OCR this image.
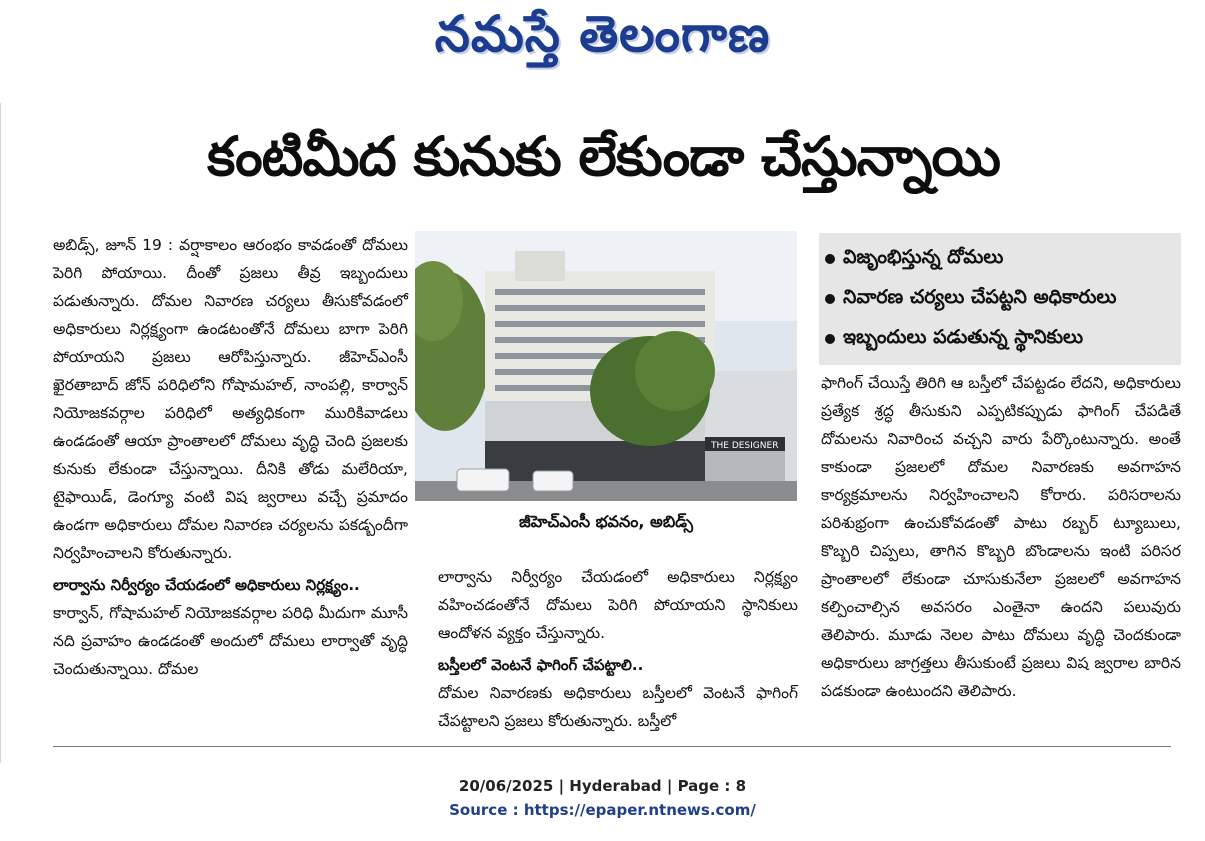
నమస్తే తెలంగాణ
కంటిమీద కునుకు లేకుండా చేస్తున్నాయి

అబిడ్స్, జూన్ 19 : వర్షాకాలం ఆరంభం కావడంతో దోమలు పెరిగి పోయాయి. దీంతో ప్రజలు తీవ్ర ఇబ్బందులు పడుతున్నారు. దోమల నివారణ చర్యలు తీసుకోవడంలో అధికారులు నిర్లక్ష్యంగా ఉండటంతోనే దోమలు బాగా పెరిగి పోయాయని ప్రజలు ఆరోపిస్తున్నారు. జీహెచ్ఎంసీ ఖైరతాబాద్ జోన్ పరిధిలోని గోషామహల్, నాంపల్లి, కార్వాన్ నియోజకవర్గాల పరిధిలో అత్యధికంగా మురికివాడలు ఉండడంతో ఆయా ప్రాంతాలలో దోమలు వృద్ధి చెంది ప్రజలకు కునుకు లేకుండా చేస్తున్నాయి. దీనికి తోడు మలేరియా, టైఫాయిడ్, డెంగ్యూ వంటి విష జ్వరాలు వచ్చే ప్రమాదం ఉండగా అధికారులు దోమల నివారణ చర్యలను పకడ్బందీగా నిర్వహించాలని కోరుతున్నారు.

లార్వాను నిర్వీర్యం చేయడంలో అధికారులు నిర్లక్ష్యం..

కార్వాన్, గోషామహల్ నియోజకవర్గాల పరిధి మీదుగా మూసీ నది ప్రవాహం ఉండడంతో అందులో దోమలు లార్వాతో వృద్ధి చెందుతున్నాయి. దోమల

THE DESIGNER
జీహెచ్ఎంసీ భవనం, అబిడ్స్

లార్వాను నిర్వీర్యం చేయడంలో అధికారులు నిర్లక్ష్యం వహించడంతోనే దోమలు పెరిగి పోయాయని స్థానికులు ఆందోళన వ్యక్తం చేస్తున్నారు.

బస్తీలలో వెంటనే ఫాగింగ్ చేపట్టాలి..

దోమల నివారణకు అధికారులు బస్తీలలో వెంటనే ఫాగింగ్ చేపట్టాలని ప్రజలు కోరుతున్నారు. బస్తీలో

విజృంభిస్తున్న దోమలు
నివారణ చర్యలు చేపట్టని అధికారులు
ఇబ్బందులు పడుతున్న స్థానికులు

ఫాగింగ్ చేయిస్తే తిరిగి ఆ బస్తీలో చేపట్టడం లేదని, అధికారులు ప్రత్యేక శ్రద్ధ తీసుకుని ఎప్పటికప్పుడు ఫాగింగ్ చేపడితే దోమలను నివారించ వచ్చని వారు పేర్కొంటున్నారు. అంతే కాకుండా ప్రజలలో దోమల నివారణకు అవగాహన కార్యక్రమాలను నిర్వహించాలని కోరారు. పరిసరాలను పరిశుభ్రంగా ఉంచుకోవడంతో పాటు రబ్బర్ ట్యూబులు, కొబ్బరి చిప్పలు, తాగిన కొబ్బరి బొండాలను ఇంటి పరిసర ప్రాంతాలలో లేకుండా చూసుకునేలా ప్రజలలో అవగాహన కల్పించాల్సిన అవసరం ఎంతైనా ఉందని పలువురు తెలిపారు. మూడు నెలల పాటు దోమలు వృద్ధి చెందకుండా అధికారులు జాగ్రత్తలు తీసుకుంటే ప్రజలు విష జ్వరాల బారిన పడకుండా ఉంటుందని తెలిపారు.

20/06/2025 | Hyderabad | Page : 8
Source : https://epaper.ntnews.com/
